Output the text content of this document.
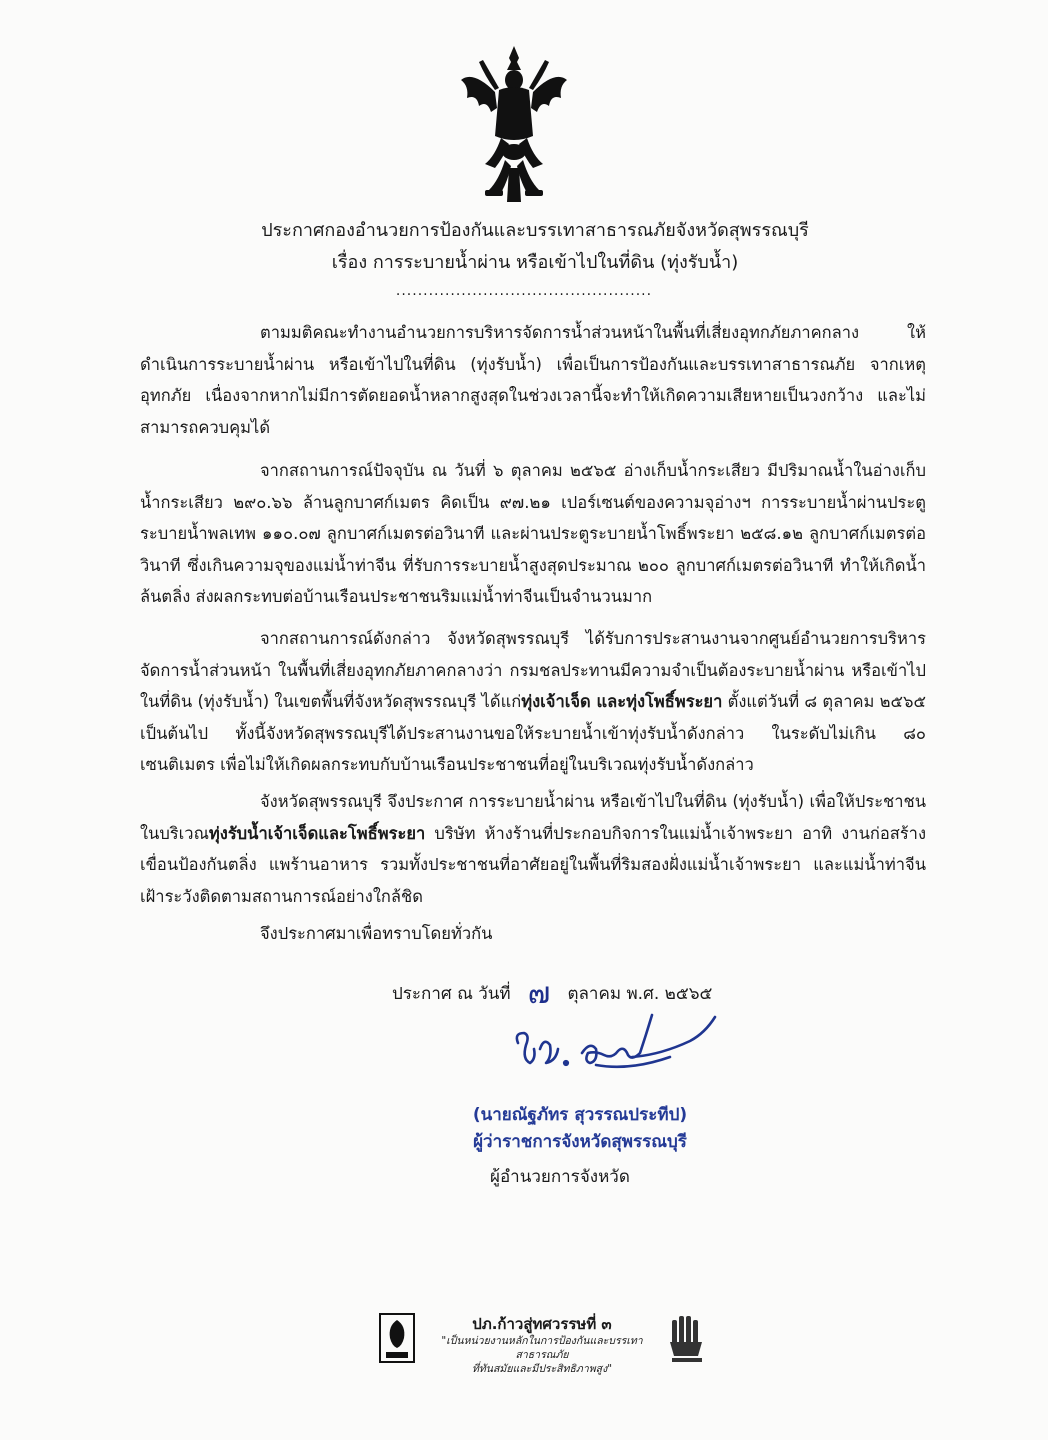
ประกาศกองอำนวยการป้องกันและบรรเทาสาธารณภัยจังหวัดสุพรรณบุรี
เรื่อง การระบายน้ำผ่าน หรือเข้าไปในที่ดิน (ทุ่งรับน้ำ)
...............................................

ตามมติคณะทำงานอำนวยการบริหารจัดการน้ำส่วนหน้าในพื้นที่เสี่ยงอุทกภัยภาคกลาง ให้ดำเนินการระบายน้ำผ่าน หรือเข้าไปในที่ดิน (ทุ่งรับน้ำ) เพื่อเป็นการป้องกันและบรรเทาสาธารณภัย จากเหตุอุทกภัย เนื่องจากหากไม่มีการตัดยอดน้ำหลากสูงสุดในช่วงเวลานี้จะทำให้เกิดความเสียหายเป็นวงกว้าง และไม่สามารถควบคุมได้

จากสถานการณ์ปัจจุบัน ณ วันที่ ๖ ตุลาคม ๒๕๖๕ อ่างเก็บน้ำกระเสียว มีปริมาณน้ำในอ่างเก็บน้ำกระเสียว ๒๙๐.๖๖ ล้านลูกบาศก์เมตร คิดเป็น ๙๗.๒๑ เปอร์เซนต์ของความจุอ่างฯ การระบายน้ำผ่านประตูระบายน้ำพลเทพ ๑๑๐.๐๗ ลูกบาศก์เมตรต่อวินาที และผ่านประตูระบายน้ำโพธิ์พระยา ๒๕๘.๑๒ ลูกบาศก์เมตรต่อวินาที ซึ่งเกินความจุของแม่น้ำท่าจีน ที่รับการระบายน้ำสูงสุดประมาณ ๒๐๐ ลูกบาศก์เมตรต่อวินาที ทำให้เกิดน้ำล้นตลิ่ง ส่งผลกระทบต่อบ้านเรือนประชาชนริมแม่น้ำท่าจีนเป็นจำนวนมาก

จากสถานการณ์ดังกล่าว จังหวัดสุพรรณบุรี ได้รับการประสานงานจากศูนย์อำนวยการบริหารจัดการน้ำส่วนหน้า ในพื้นที่เสี่ยงอุทกภัยภาคกลางว่า กรมชลประทานมีความจำเป็นต้องระบายน้ำผ่าน หรือเข้าไปในที่ดิน (ทุ่งรับน้ำ) ในเขตพื้นที่จังหวัดสุพรรณบุรี ได้แก่ทุ่งเจ้าเจ็ด และทุ่งโพธิ์พระยา ตั้งแต่วันที่ ๘ ตุลาคม ๒๕๖๕ เป็นต้นไป ทั้งนี้จังหวัดสุพรรณบุรีได้ประสานงานขอให้ระบายน้ำเข้าทุ่งรับน้ำดังกล่าว ในระดับไม่เกิน ๘๐ เซนติเมตร เพื่อไม่ให้เกิดผลกระทบกับบ้านเรือนประชาชนที่อยู่ในบริเวณทุ่งรับน้ำดังกล่าว

จังหวัดสุพรรณบุรี จึงประกาศ การระบายน้ำผ่าน หรือเข้าไปในที่ดิน (ทุ่งรับน้ำ) เพื่อให้ประชาชนในบริเวณทุ่งรับน้ำเจ้าเจ็ดและโพธิ์พระยา บริษัท ห้างร้านที่ประกอบกิจการในแม่น้ำเจ้าพระยา อาทิ งานก่อสร้าง เขื่อนป้องกันตลิ่ง แพร้านอาหาร รวมทั้งประชาชนที่อาศัยอยู่ในพื้นที่ริมสองฝั่งแม่น้ำเจ้าพระยา และแม่น้ำท่าจีน เฝ้าระวังติดตามสถานการณ์อย่างใกล้ชิด

จึงประกาศมาเพื่อทราบโดยทั่วกัน

ประกาศ ณ วันที่ ๗ ตุลาคม พ.ศ. ๒๕๖๕
(นายณัฐภัทร สุวรรณประทีป)
ผู้ว่าราชการจังหวัดสุพรรณบุรี
ผู้อำนวยการจังหวัด
ปภ.ก้าวสู่ทศวรรษที่ ๓
"เป็นหน่วยงานหลักในการป้องกันและบรรเทาสาธารณภัย
ที่ทันสมัยและมีประสิทธิภาพสูง"
